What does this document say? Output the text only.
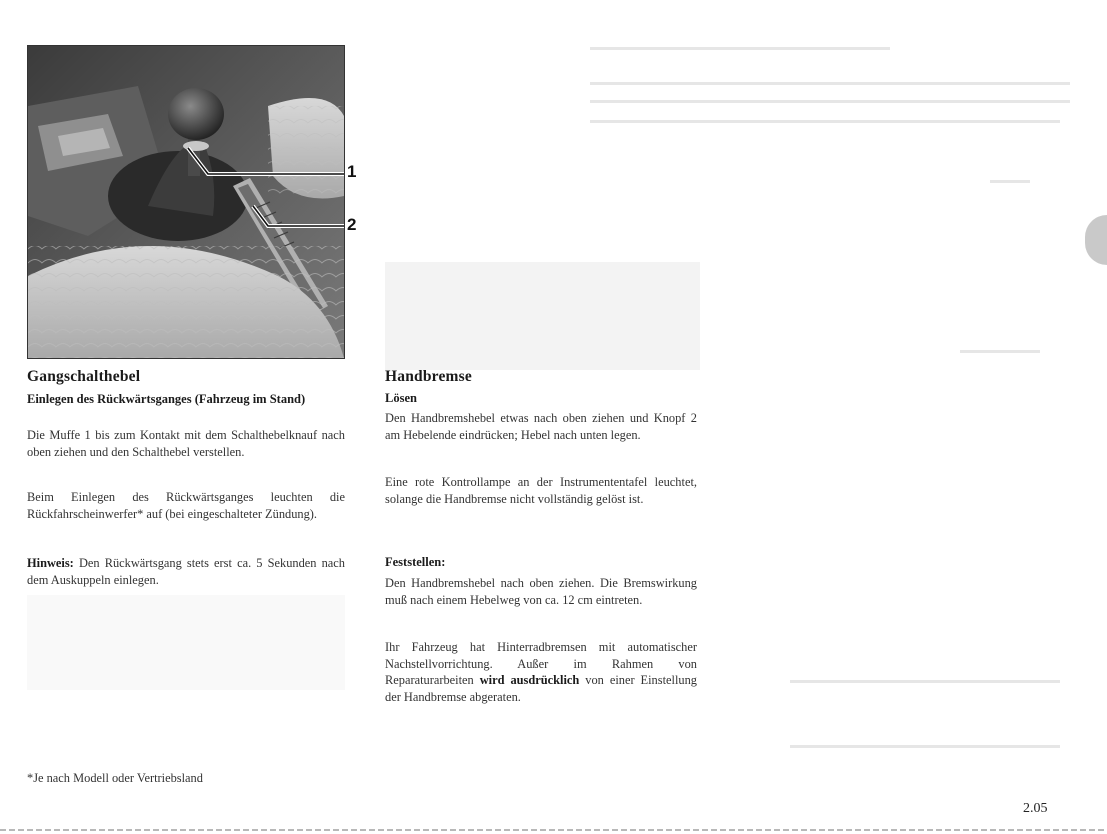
1
2
Gangschalthebel
Einlegen des Rückwärtsganges (Fahrzeug im Stand)

Die Muffe 1 bis zum Kontakt mit dem Schalthebelknauf nach oben ziehen und den Schalthebel verstellen.

Beim Einlegen des Rückwärtsganges leuchten die Rückfahrscheinwerfer* auf (bei eingeschalteter Zündung).

Hinweis: Den Rückwärtsgang stets erst ca. 5 Sekunden nach dem Auskuppeln einlegen.

Handbremse
Lösen

Den Handbremshebel etwas nach oben ziehen und Knopf 2 am Hebelende eindrücken; Hebel nach unten legen.

Eine rote Kontrollampe an der Instrumententafel leuchtet, solange die Handbremse nicht vollständig gelöst ist.

Feststellen:

Den Handbremshebel nach oben ziehen. Die Bremswirkung muß nach einem Hebelweg von ca. 12 cm eintreten.

Ihr Fahrzeug hat Hinterradbremsen mit automatischer Nachstellvorrichtung. Außer im Rahmen von Reparaturarbeiten wird ausdrücklich von einer Einstellung der Handbremse abgeraten.

*Je nach Modell oder Vertriebsland
2.05
